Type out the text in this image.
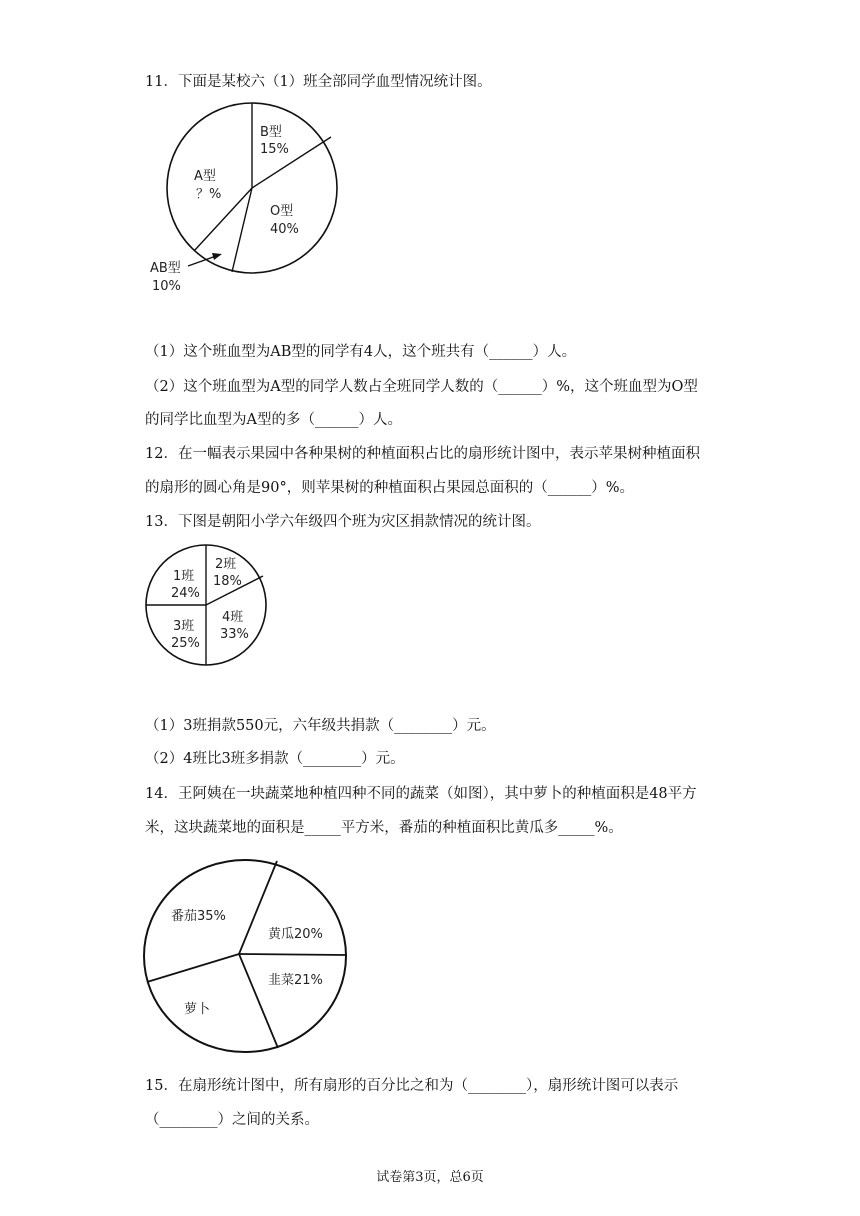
11．下面是某校六（1）班全部同学血型情况统计图。
B型
15%
A型
？%
O型
40%
AB型
10%
（1）这个班血型为AB型的同学有4人，这个班共有（______）人。
（2）这个班血型为A型的同学人数占全班同学人数的（______）%，这个班血型为O型
的同学比血型为A型的多（______）人。
12．在一幅表示果园中各种果树的种植面积占比的扇形统计图中，表示苹果树种植面积
的扇形的圆心角是90°，则苹果树的种植面积占果园总面积的（______）%。
13．下图是朝阳小学六年级四个班为灾区捐款情况的统计图。
1班
24%
2班
18%
3班
25%
4班
33%
（1）3班捐款550元，六年级共捐款（________）元。
（2）4班比3班多捐款（________）元。
14．王阿姨在一块蔬菜地种植四种不同的蔬菜（如图），其中萝卜的种植面积是48平方
米，这块蔬菜地的面积是_____平方米，番茄的种植面积比黄瓜多_____%。
番茄35%
黄瓜20%
韭菜21%
萝卜
15．在扇形统计图中，所有扇形的百分比之和为（________），扇形统计图可以表示
（________）之间的关系。
试卷第3页，总6页
